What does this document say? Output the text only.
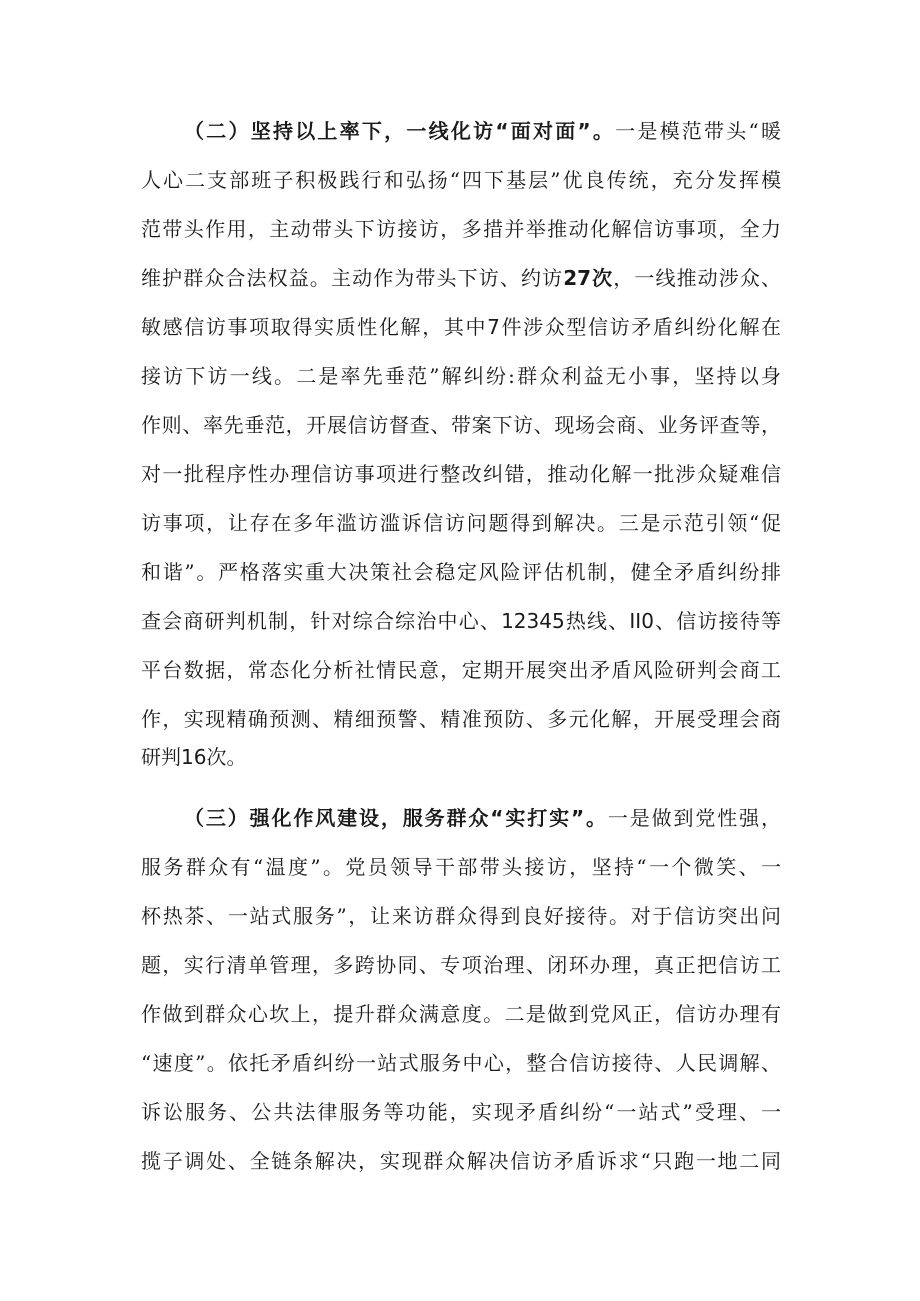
（二）坚持以上率下，一线化访“面对面”。一是模范带头“暖
人心二支部班子积极践行和弘扬“四下基层”优良传统，充分发挥模
范带头作用，主动带头下访接访，多措并举推动化解信访事项，全力
维护群众合法权益。主动作为带头下访、约访27次，一线推动涉众、
敏感信访事项取得实质性化解，其中7件涉众型信访矛盾纠纷化解在
接访下访一线。二是率先垂范”解纠纷:群众利益无小事，坚持以身
作则、率先垂范，开展信访督查、带案下访、现场会商、业务评查等，
对一批程序性办理信访事项进行整改纠错，推动化解一批涉众疑难信
访事项，让存在多年滥访滥诉信访问题得到解决。三是示范引领“促
和谐”。严格落实重大决策社会稳定风险评估机制，健全矛盾纠纷排
查会商研判机制，针对综合综治中心、12345热线、II0、信访接待等
平台数据，常态化分析社情民意，定期开展突出矛盾风险研判会商工
作，实现精确预测、精细预警、精准预防、多元化解，开展受理会商
研判16次。
（三）强化作风建设，服务群众“实打实”。一是做到党性强，
服务群众有“温度”。党员领导干部带头接访，坚持“一个微笑、一
杯热茶、一站式服务”，让来访群众得到良好接待。对于信访突出问
题，实行清单管理，多跨协同、专项治理、闭环办理，真正把信访工
作做到群众心坎上，提升群众满意度。二是做到党风正，信访办理有
“速度”。依托矛盾纠纷一站式服务中心，整合信访接待、人民调解、
诉讼服务、公共法律服务等功能，实现矛盾纠纷“一站式”受理、一
揽子调处、全链条解决，实现群众解决信访矛盾诉求“只跑一地二同
